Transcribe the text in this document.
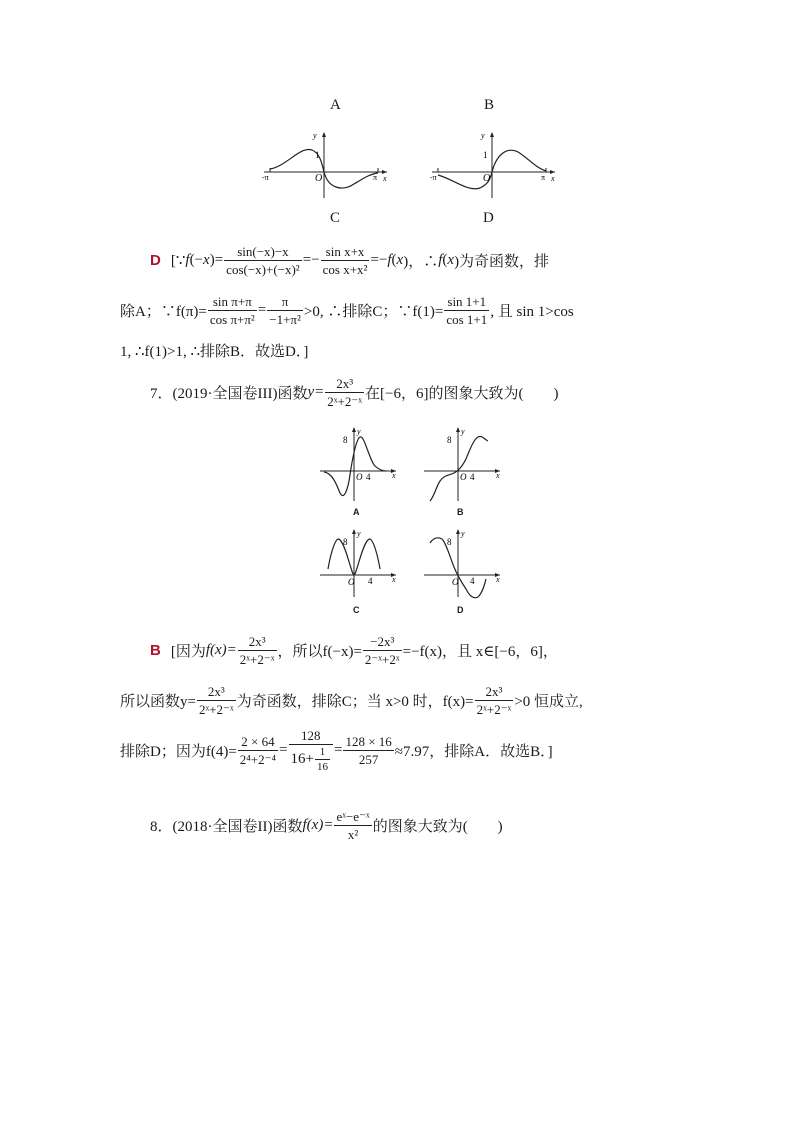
A	B
1
O
-π	π x
y
1
O
-π	π x
y
C	D
D [∵ f (− x )= $\frac{\sin(-x)-x}{\text{cos(−x)+(−x)²}} =- \frac{\text{sin x+x}}{\text{cos x+x²}} =- f$ ( x )，∴ f ( x )为奇函数，排
除A；∵f(π)= $\frac{\text{sin π+π}}{\text{cos π+π²}} = \frac{\pi}{\text{−1+π²}} >0$, ∴排除C；∵f(1)= $\frac{\sin 1+1}{\cos 1+1}$ , 且 sin 1>cos
1, ∴f(1)>1, ∴排除B．故选D．]
7． (2019·全国卷III)函数 $y= \frac{\text{2x³}}{\text{2ˣ+2⁻ˣ}}$ 在[−6，6]的图象大致为(　　)
8
O 4	x
y
A
8
O 4	x
y
B
8
O 4 x
y
C
8
O 4	x
y
D
B [因为 $f(x)= \frac{\text{2x³}}{\text{2ˣ+2⁻ˣ}}$ ，所以$f(-x)= \frac{\text{−2x³}}{\text{2⁻ˣ+2ˣ}} =-f(x)$，且 x∈[−6，6]，
所以函数$y= \frac{\text{2x³}}{\text{2ˣ+2⁻ˣ}}$ 为奇函数，排除C；当 x>0 时，$f(x)= \frac{\text{2x³}}{\text{2ˣ+2⁻ˣ}} >0$ 恒成立,
排除D；因为$f(4)= \frac{2 \times 64}{\text{2⁴+2⁻⁴}} = \frac{128}{16+ \frac{1}{16}} = \frac{128 \times 16}{257} \approx 7.97$，排除A．故选B．]
8． (2018·全国卷II)函数 $f(x)= \frac{\text{eˣ−e⁻ˣ}}{\text{x²}}$ 的图象大致为(　　)
